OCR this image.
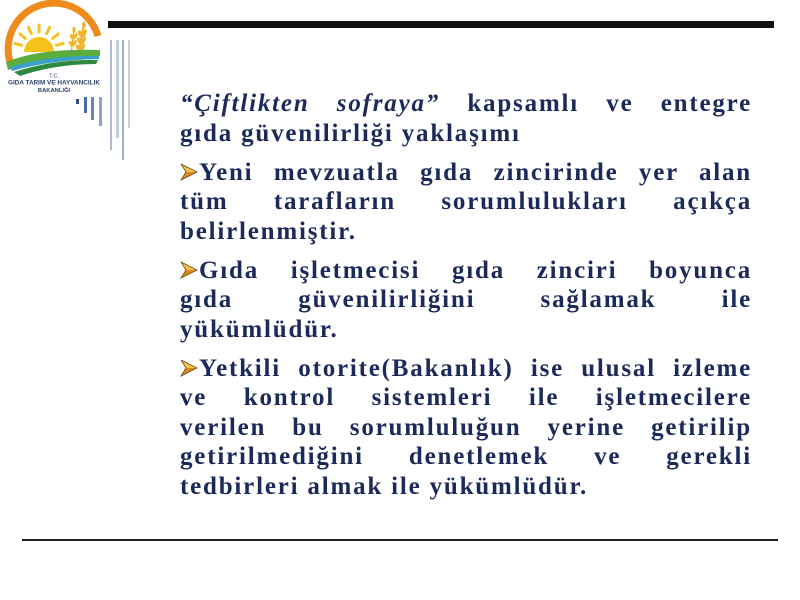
T.C.
GIDA TARIM VE HAYVANCILIK
BAKANLIĞI	“Çiftlikten sofraya” kapsamlı ve entegre
gıda güvenilirliği yaklaşımı
Yeni mevzuatla gıda zincirinde yer alan
tüm tarafların sorumlulukları açıkça
belirlenmiştir.
Gıda işletmecisi gıda zinciri boyunca
gıda güvenilirliğini sağlamak ile
yükümlüdür.
Yetkili otorite(Bakanlık) ise ulusal izleme
ve kontrol sistemleri ile işletmecilere
verilen bu sorumluluğun yerine getirilip
getirilmediğini denetlemek ve gerekli
tedbirleri almak ile yükümlüdür.
